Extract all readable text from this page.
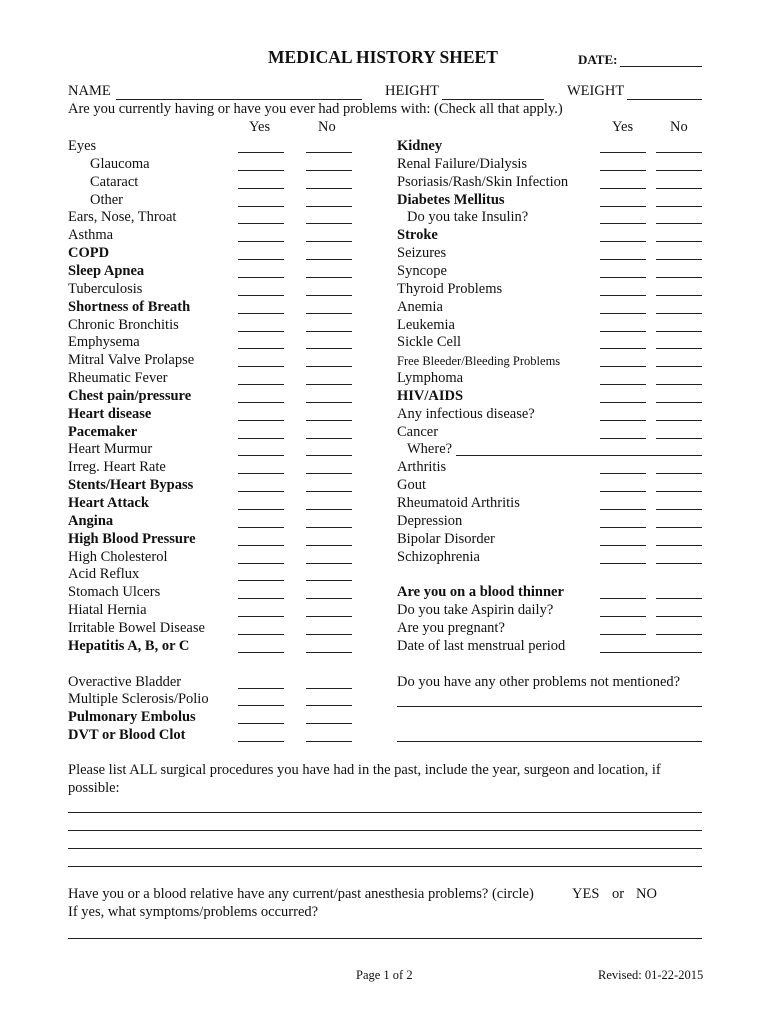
MEDICAL HISTORY SHEET	DATE:
NAME	HEIGHT	WEIGHT
Are you currently having or have you ever had problems with: (Check all that apply.)
Yes	No	Yes	No
Eyes
Glaucoma
Cataract
Other
Ears, Nose, Throat
Asthma
COPD
Sleep Apnea
Tuberculosis
Shortness of Breath
Chronic Bronchitis
Emphysema
Mitral Valve Prolapse
Rheumatic Fever
Chest pain/pressure
Heart disease
Pacemaker
Heart Murmur
Irreg. Heart Rate
Stents/Heart Bypass
Heart Attack
Angina
High Blood Pressure
High Cholesterol
Acid Reflux
Stomach Ulcers
Hiatal Hernia
Irritable Bowel Disease
Hepatitis A, B, or C
Overactive Bladder
Multiple Sclerosis/Polio
Pulmonary Embolus
DVT or Blood Clot
Kidney
Renal Failure/Dialysis
Psoriasis/Rash/Skin Infection
Diabetes Mellitus
Do you take Insulin?
Stroke
Seizures
Syncope
Thyroid Problems
Anemia
Leukemia
Sickle Cell
Free Bleeder/Bleeding Problems
Lymphoma
HIV/AIDS
Any infectious disease?
Cancer
Where?
Arthritis
Gout
Rheumatoid Arthritis
Depression
Bipolar Disorder
Schizophrenia
Are you on a blood thinner
Do you take Aspirin daily?
Are you pregnant?
Date of last menstrual period
Do you have any other problems not mentioned?
Please list ALL surgical procedures you have had in the past, include the year, surgeon and location, if possible:
Have you or a blood relative have any current/past anesthesia problems? (circle)	YES or NO
If yes, what symptoms/problems occurred?
Page 1 of 2	Revised: 01-22-2015
